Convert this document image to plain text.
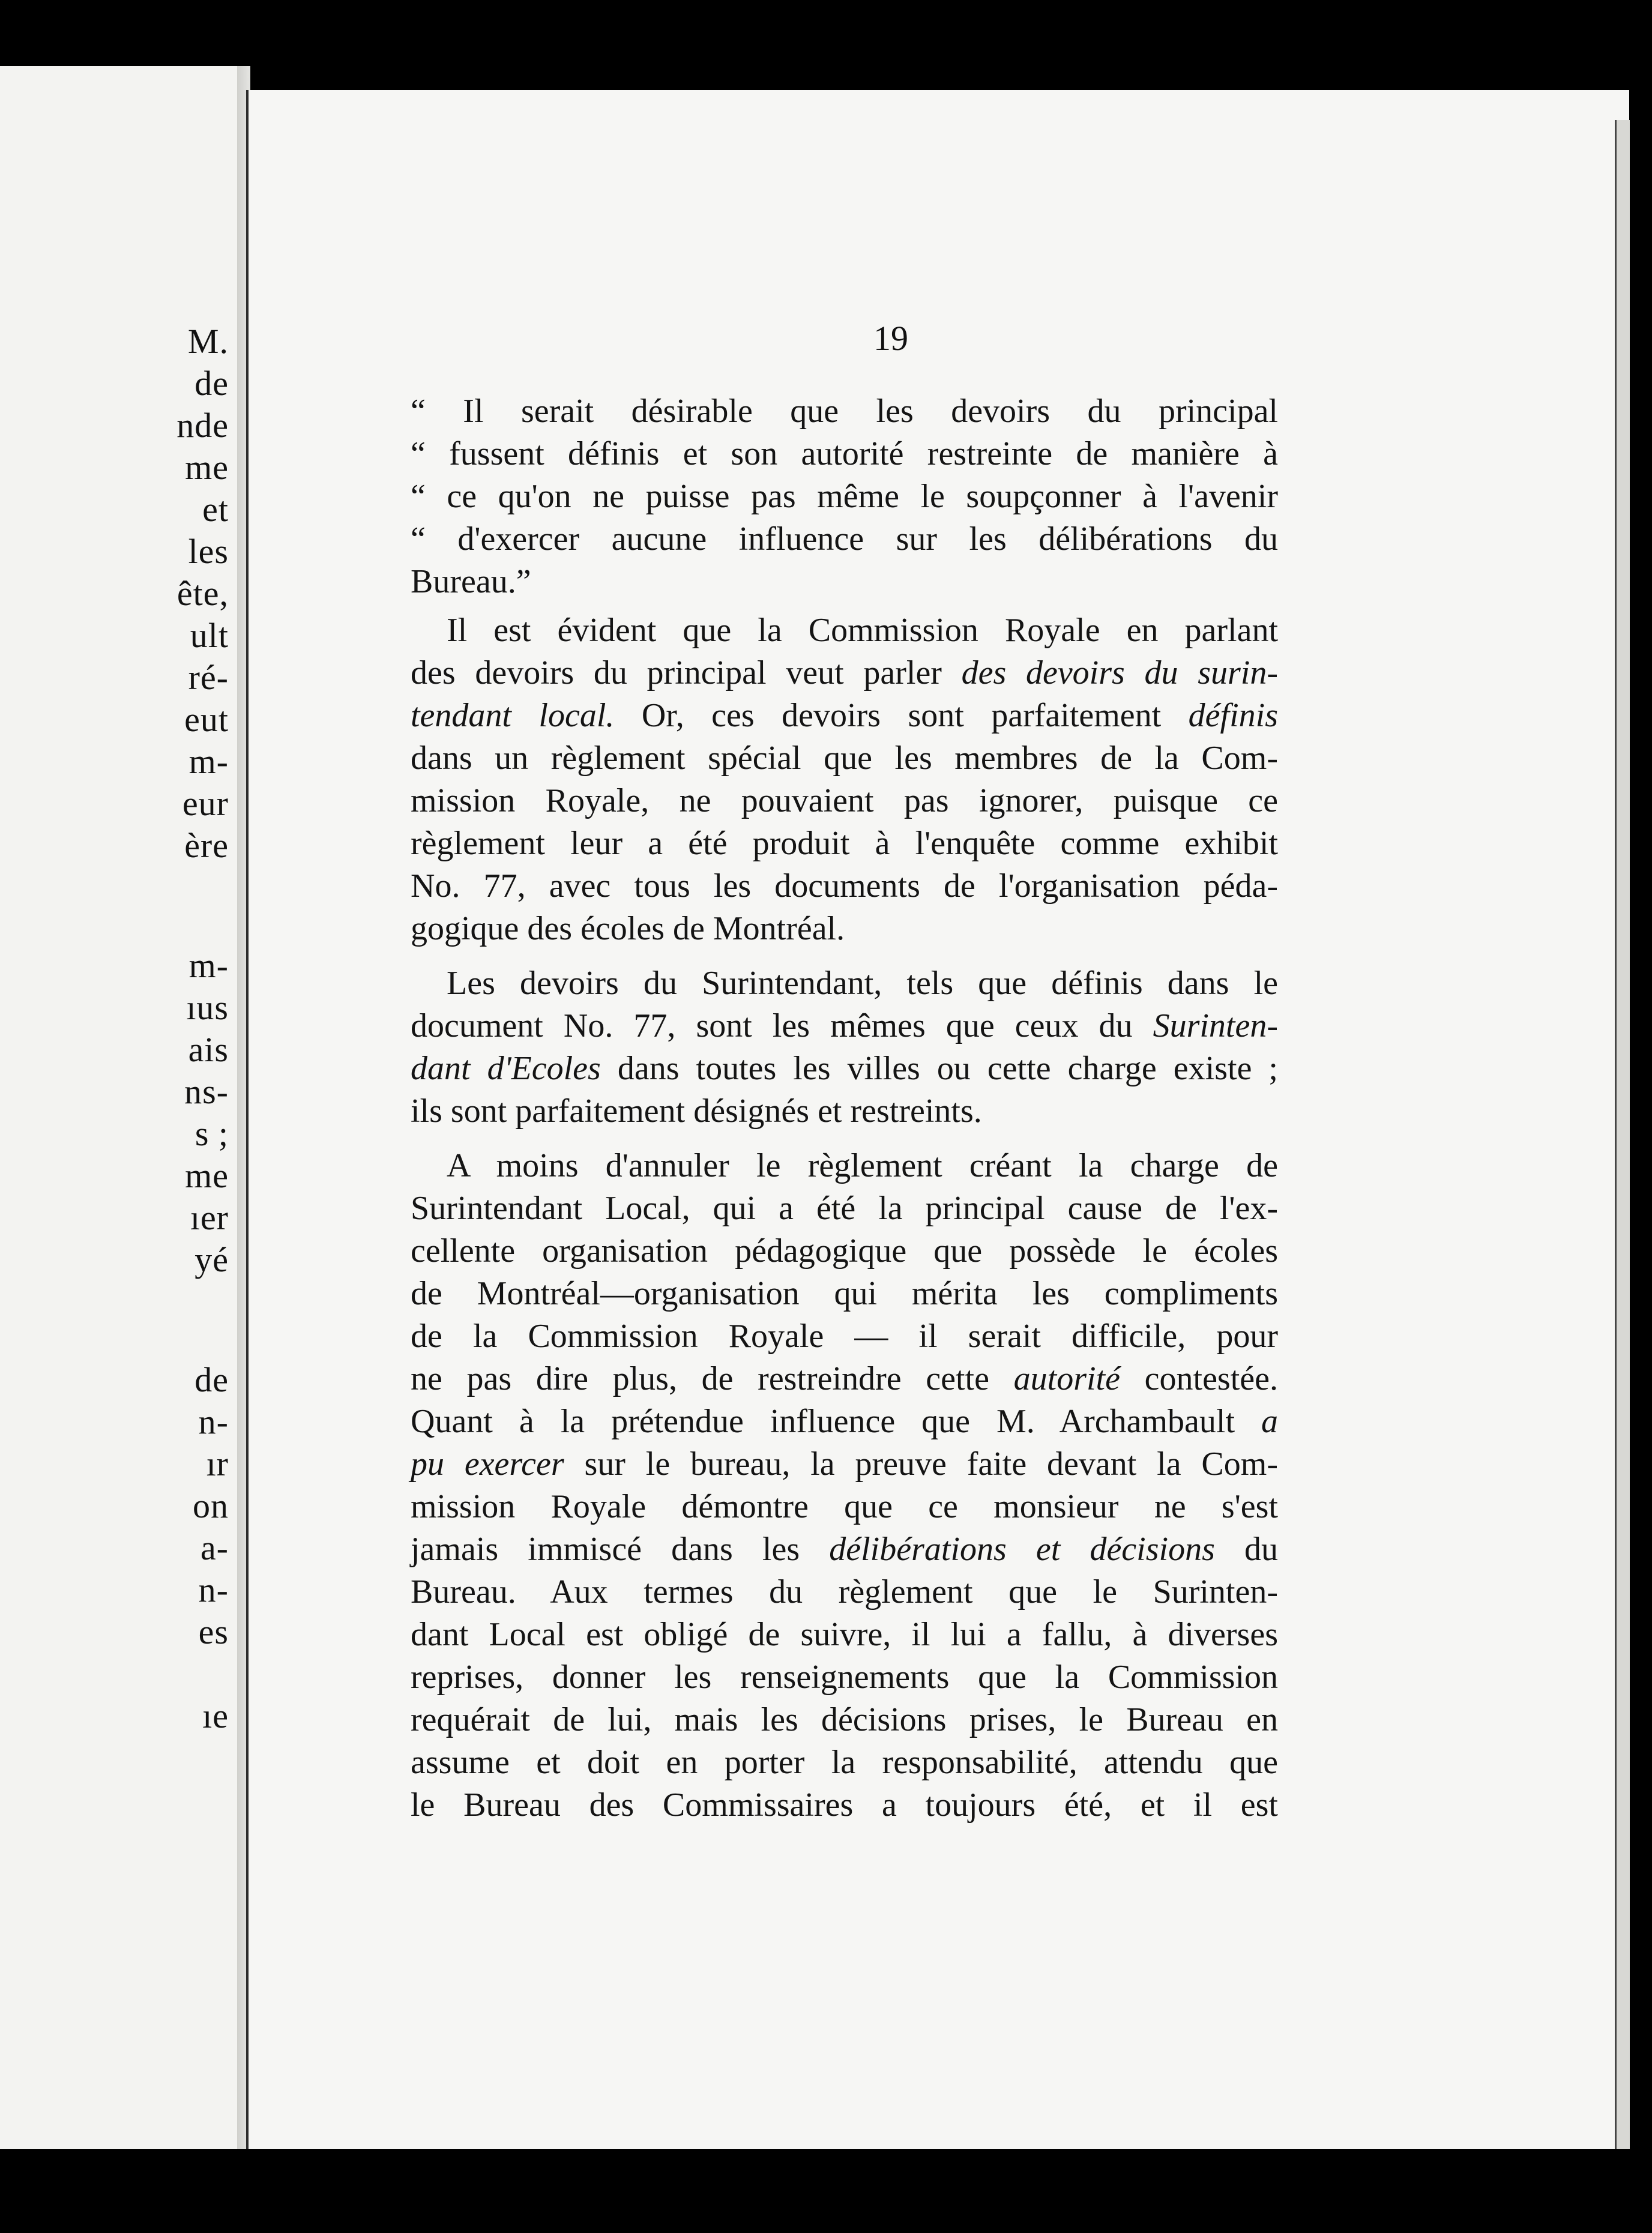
M.
de
nde
me
et
les
ête,
ult
ré-
eut
m-
eur
ère
m-
ıus
ais
ns-
s ;
me
ıer
yé
de
n-
ır
on
a-
n-
es
ıe
19
“ Il serait désirable que les devoirs du principal
“ fussent définis et son autorité restreinte de manière à
“ ce qu'on ne puisse pas même le soupçonner à l'avenir
“ d'exercer aucune influence sur les délibérations du
Bureau.”
Il est évident que la Commission Royale en parlant
des devoirs du principal veut parler des devoirs du surin-
tendant local. Or, ces devoirs sont parfaitement définis
dans un règlement spécial que les membres de la Com-
mission Royale, ne pouvaient pas ignorer, puisque ce
règlement leur a été produit à l'enquête comme exhibit
No. 77, avec tous les documents de l'organisation péda-
gogique des écoles de Montréal.
Les devoirs du Surintendant, tels que définis dans le
document No. 77, sont les mêmes que ceux du Surinten-
dant d'Ecoles dans toutes les villes ou cette charge existe ;
ils sont parfaitement désignés et restreints.
A moins d'annuler le règlement créant la charge de
Surintendant Local, qui a été la principal cause de l'ex-
cellente organisation pédagogique que possède le écoles
de Montréal—organisation qui mérita les compliments
de la Commission Royale — il serait difficile, pour
ne pas dire plus, de restreindre cette autorité contestée.
Quant à la prétendue influence que M. Archambault a
pu exercer sur le bureau, la preuve faite devant la Com-
mission Royale démontre que ce monsieur ne s'est
jamais immiscé dans les délibérations et décisions du
Bureau. Aux termes du règlement que le Surinten-
dant Local est obligé de suivre, il lui a fallu, à diverses
reprises, donner les renseignements que la Commission
requérait de lui, mais les décisions prises, le Bureau en
assume et doit en porter la responsabilité, attendu que
le Bureau des Commissaires a toujours été, et il est
